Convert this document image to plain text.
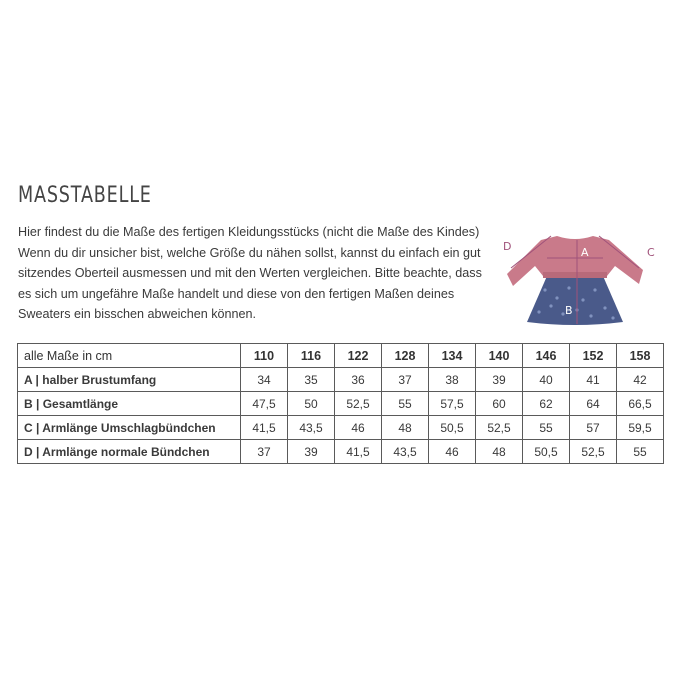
MASSTABELLE
Hier findest du die Maße des fertigen Kleidungsstücks (nicht die Maße des Kindes) Wenn du dir unsicher bist, welche Größe du nähen sollst, kannst du einfach ein gut sitzendes Oberteil ausmessen und mit den Werten vergleichen. Bitte beachte, dass es sich um ungefähre Maße handelt und diese von den fertigen Maßen deines Sweaters ein bisschen abweichen können.
D	C
A
B
alle Maße in cm	110	116	122	128	134	140	146	152	158
A | halber Brustumfang	34	35	36	37	38	39	40	41	42
B | Gesamtlänge	47,5	50	52,5	55	57,5	60	62	64	66,5
C | Armlänge Umschlagbündchen	41,5	43,5	46	48	50,5	52,5	55	57	59,5
D | Armlänge normale Bündchen	37	39	41,5	43,5	46	48	50,5	52,5	55
